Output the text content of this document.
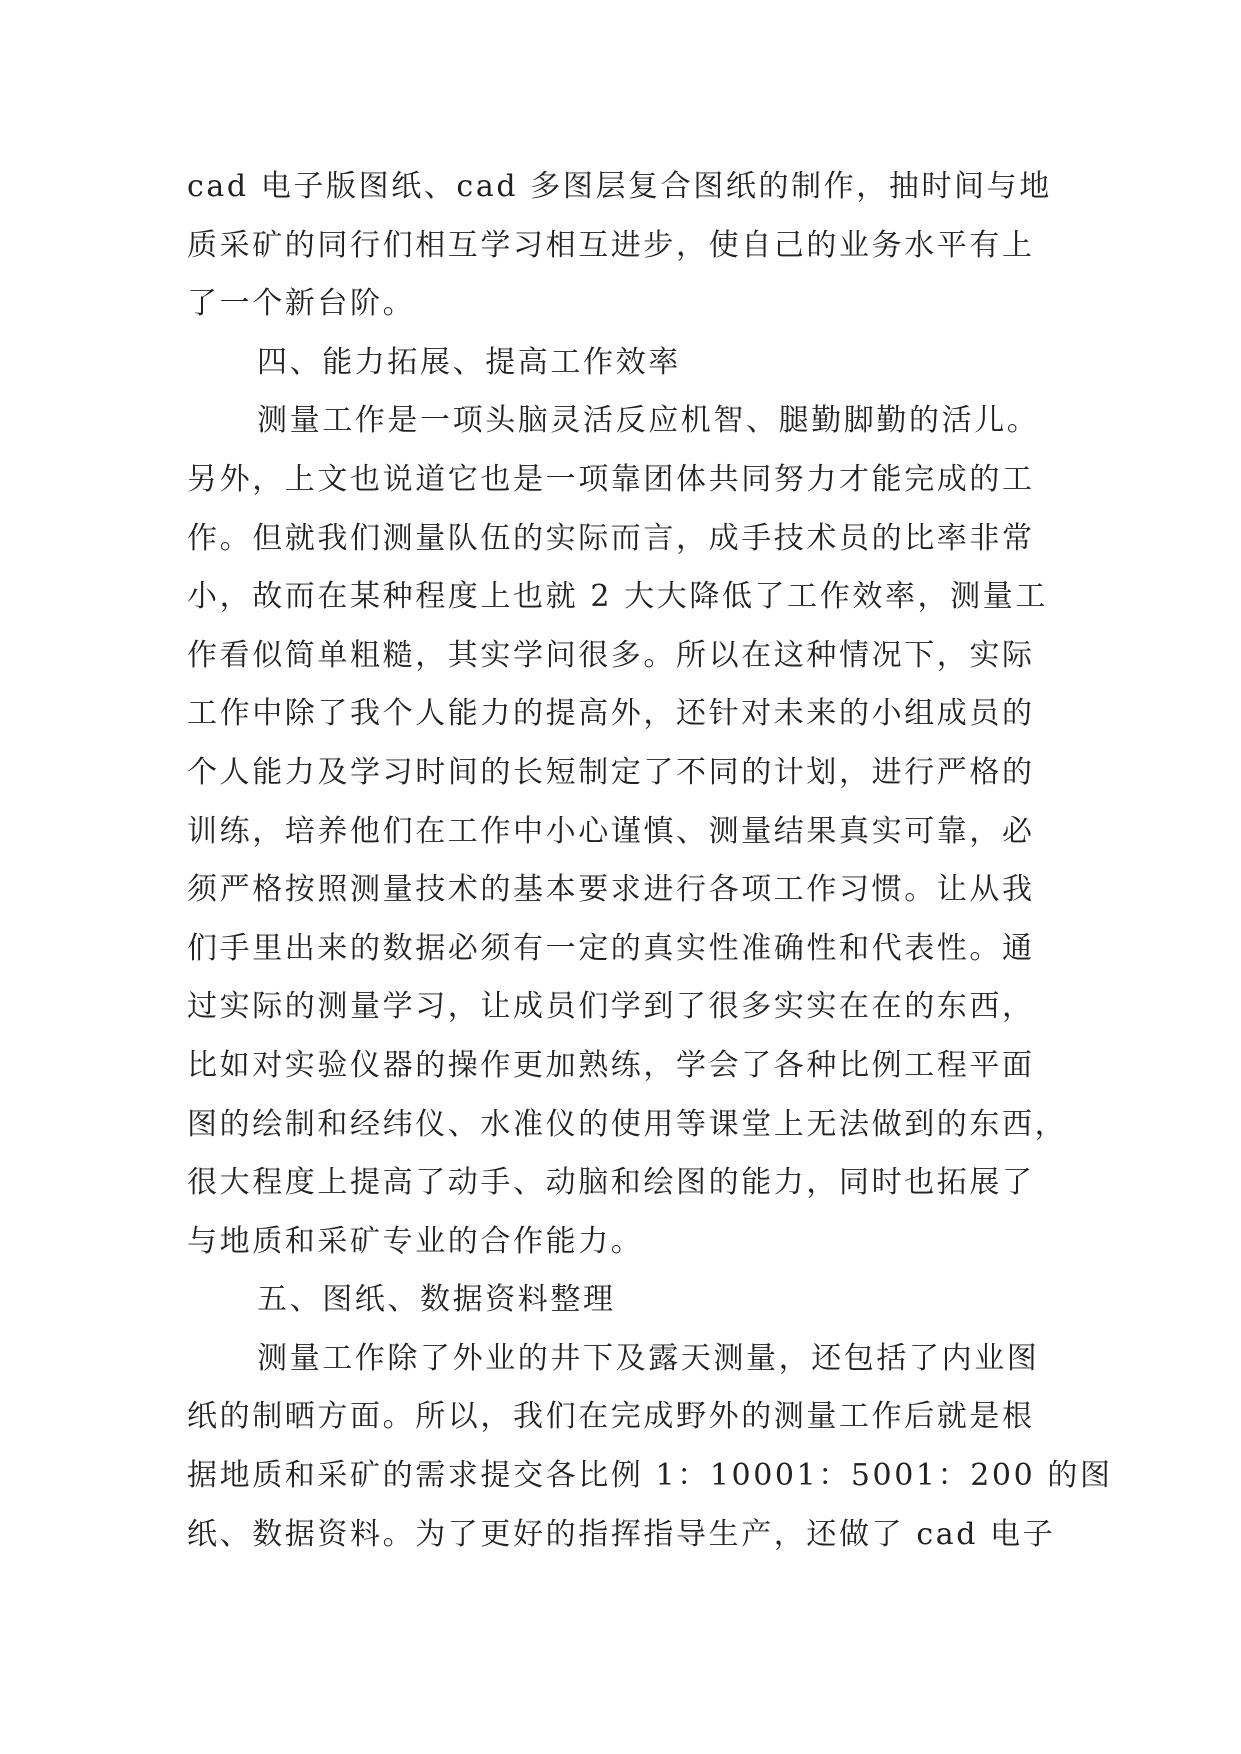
cad 电子版图纸、cad 多图层复合图纸的制作，抽时间与地
质采矿的同行们相互学习相互进步，使自己的业务水平有上
了一个新台阶。
四、能力拓展、提高工作效率
测量工作是一项头脑灵活反应机智、腿勤脚勤的活儿。
另外，上文也说道它也是一项靠团体共同努力才能完成的工
作。但就我们测量队伍的实际而言，成手技术员的比率非常
小，故而在某种程度上也就 2 大大降低了工作效率，测量工
作看似简单粗糙，其实学问很多。所以在这种情况下，实际
工作中除了我个人能力的提高外，还针对未来的小组成员的
个人能力及学习时间的长短制定了不同的计划，进行严格的
训练，培养他们在工作中小心谨慎、测量结果真实可靠，必
须严格按照测量技术的基本要求进行各项工作习惯。让从我
们手里出来的数据必须有一定的真实性准确性和代表性。通
过实际的测量学习，让成员们学到了很多实实在在的东西，
比如对实验仪器的操作更加熟练，学会了各种比例工程平面
图的绘制和经纬仪、水准仪的使用等课堂上无法做到的东西，
很大程度上提高了动手、动脑和绘图的能力，同时也拓展了
与地质和采矿专业的合作能力。
五、图纸、数据资料整理
测量工作除了外业的井下及露天测量，还包括了内业图
纸的制晒方面。所以，我们在完成野外的测量工作后就是根
据地质和采矿的需求提交各比例 1：10001：5001：200 的图
纸、数据资料。为了更好的指挥指导生产，还做了 cad 电子
